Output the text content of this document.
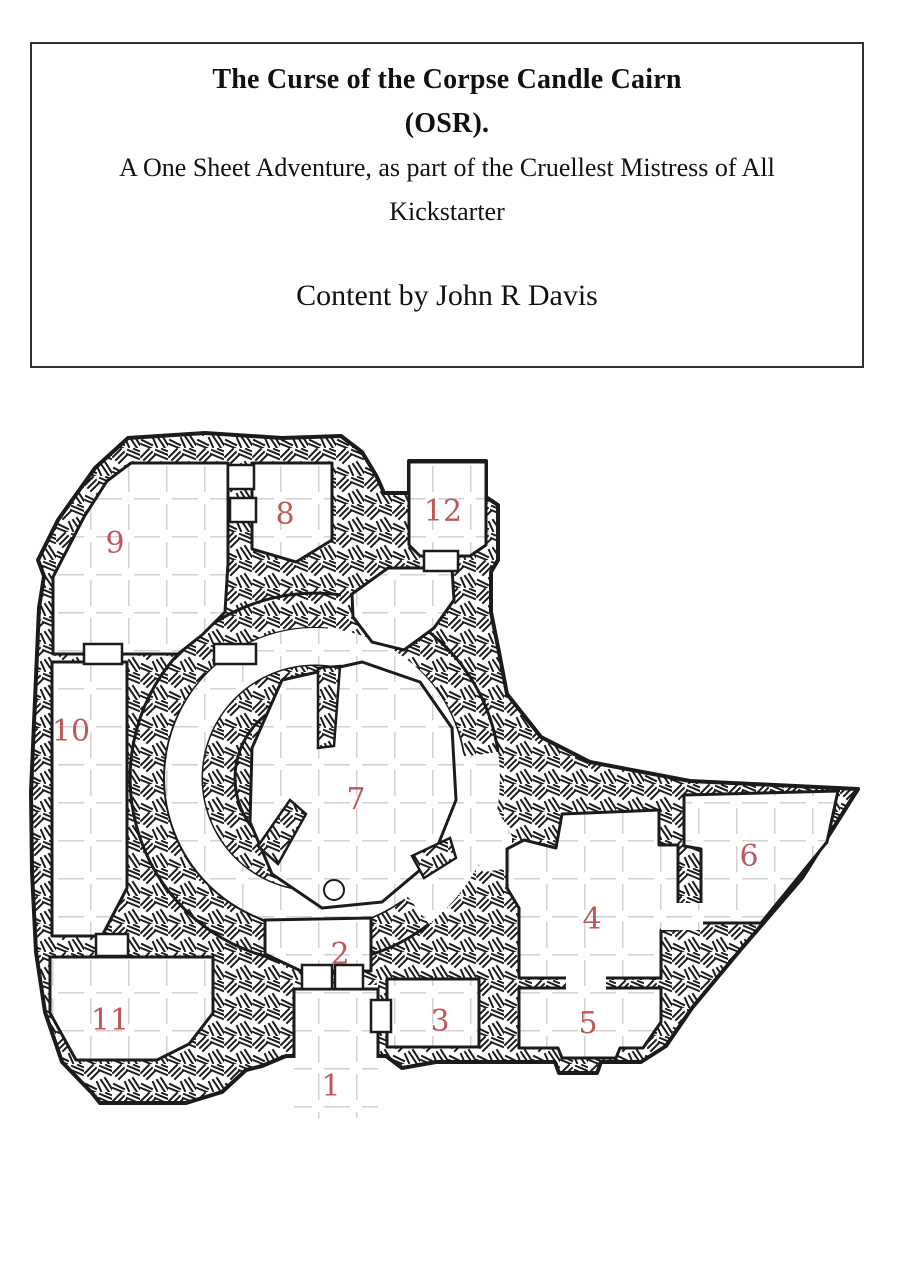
The Curse of the Corpse Candle Cairn
(OSR).
A One Sheet Adventure, as part of the Cruellest Mistress of All
Kickstarter
Content by John R Davis
1
2
3
4
5
6
7
8
9
10
11
12
